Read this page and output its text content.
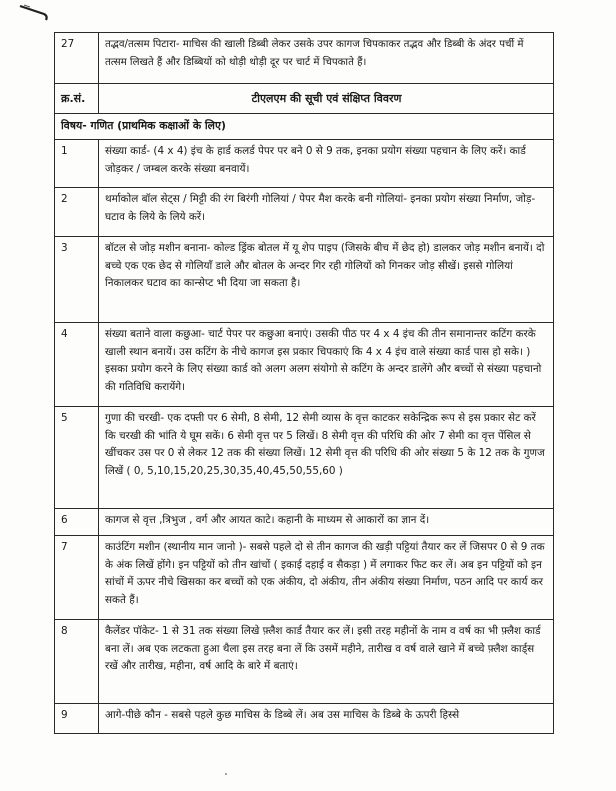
27	तद्भव/तत्सम पिटारा- माचिस की खाली डिब्बी लेकर उसके उपर कागज चिपकाकर तद्भव और डिब्बी के अंदर पर्ची में तत्सम लिखते हैं और डिब्बियों को थोड़ी थोड़ी दूर पर चार्ट में चिपकाते हैं।
क्र.सं.	टीएलएम की सूची एवं संक्षिप्त विवरण
विषय- गणित (प्राथमिक कक्षाओं के लिए)	
1	संख्या कार्ड- (4 x 4) इंच के हार्ड कलर्ड पेपर पर बने 0 से 9 तक, इनका प्रयोग संख्या पहचान के लिए करें। कार्ड जोड़कर / जम्बल करके संख्या बनवायें।
2	थर्माकोल बॉल सेट्स / मिट्टी की रंग बिरंगी गोलियां / पेपर मैश करके बनी गोलियां- इनका प्रयोग संख्या निर्माण, जोड़-घटाव के लिये के लिये करें।
3	बॉटल से जोड़ मशीन बनाना- कोल्ड ड्रिंक बोतल में यू शेप पाइप (जिसके बीच में छेद हो) डालकर जोड़ मशीन बनायें। दो बच्चे एक एक छेद से गोलियाँ डाले और बोतल के अन्दर गिर रही गोलियों को गिनकर जोड़ सीखें। इससे गोलियां निकालकर घटाव का कान्सेप्ट भी दिया जा सकता है।
4	संख्या बताने वाला कछुआ- चार्ट पेपर पर कछुआ बनाएं। उसकी पीठ पर 4 x 4 इंच की तीन समानान्तर कटिंग करके खाली स्थान बनायें। उस कटिंग के नीचे कागज इस प्रकार चिपकाएं कि 4 x 4 इंच वाले संख्या कार्ड पास हो सके। ) इसका प्रयोग करने के लिए संख्या कार्ड को अलग अलग संयोगो से कटिंग के अन्दर डालेंगे और बच्चों से संख्या पहचानो की गतिविधि करायेंगे।
5	गुणा की चरखी- एक दफ्ती पर 6 सेमी, 8 सेमी, 12 सेमी व्यास के वृत्त काटकर सकेन्द्रिक रूप से इस प्रकार सेट करें कि चरखी की भांति ये घूम सकें। 6 सेमी वृत्त पर 5 लिखें। 8 सेमी वृत्त की परिधि की ओर 7 सेमी का वृत्त पेंसिल से खींचकर उस पर 0 से लेकर 12 तक की संख्या लिखें। 12 सेमी वृत्त की परिधि की ओर संख्या 5 के 12 तक के गुणज लिखें ( 0, 5,10,15,20,25,30,35,40,45,50,55,60 )
6	कागज से वृत्त ,त्रिभुज , वर्ग और आयत काटे। कहानी के माध्यम से आकारों का ज्ञान दें।
7	काउंटिंग मशीन (स्थानीय मान जानो )- सबसे पहले दो से तीन कागज की खड़ी पट्टियां तैयार कर लें जिसपर 0 से 9 तक के अंक लिखें होंगे। इन पट्टियों को तीन खांचों ( इकाई दहाई व सैकड़ा ) में लगाकर फिट कर लें। अब इन पट्टियों को इन सांचों में ऊपर नीचे खिसका कर बच्चों को एक अंकीय, दो अंकीय, तीन अंकीय संख्या निर्माण, पठन आदि पर कार्य कर सकते हैं।
8	कैलेंडर पॉकेट- 1 से 31 तक संख्या लिखे फ़्लैश कार्ड तैयार कर लें। इसी तरह महीनों के नाम व वर्ष का भी फ़्लैश कार्ड बना लें। अब एक लटकता हुआ थैला इस तरह बना लें कि उसमें महीने, तारीख व वर्ष वाले खाने में बच्चे फ़्लैश कार्ड्स रखें और तारीख, महीना, वर्ष आदि के बारे में बताएं।
9	आगे-पीछे कौन - सबसे पहले कुछ माचिस के डिब्बे लें। अब उस माचिस के डिब्बे के ऊपरी हिस्से
